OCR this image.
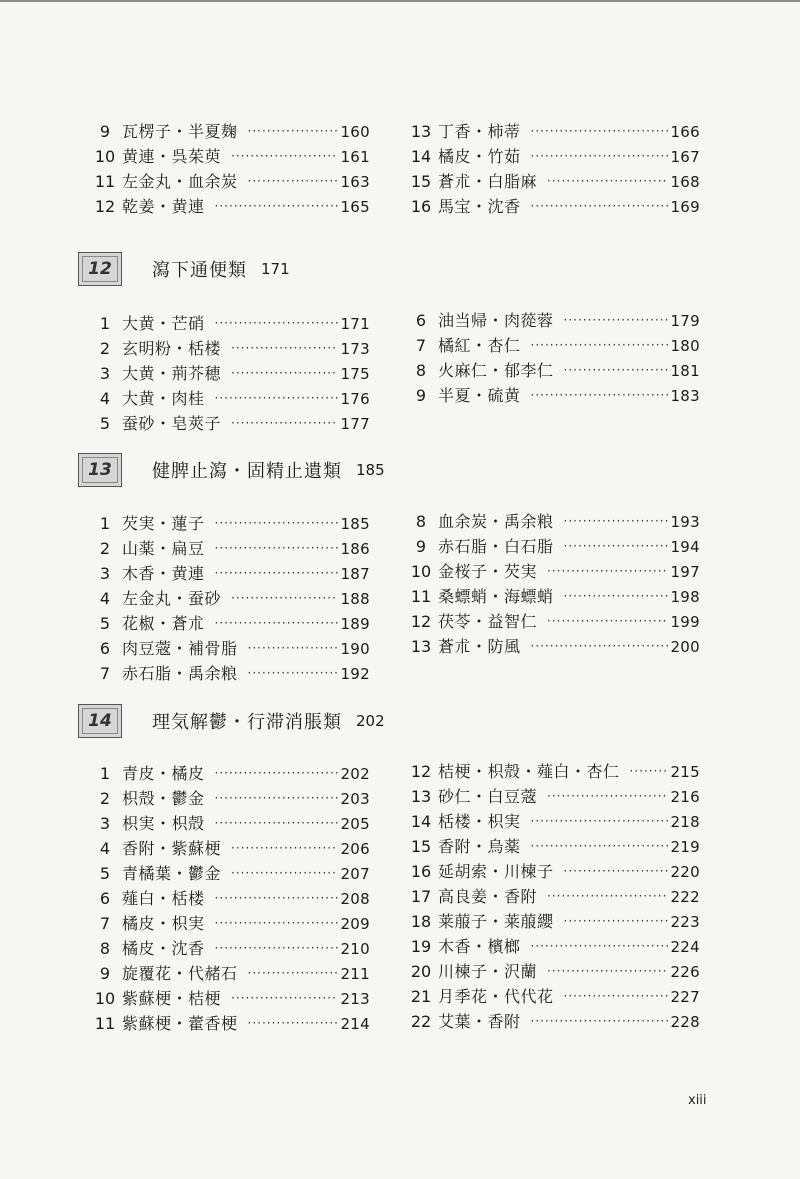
9 瓦楞子・半夏麹 ·····	160
10 黄連・呉茱萸 ·····	161
11 左金丸・血余炭 ·····	163
12 乾姜・黄連 ·····	165
13 丁香・柿蒂 ·····	166
14 橘皮・竹茹 ·····	167
15 蒼朮・白脂麻 ·····	168
16 馬宝・沈香 ·····	169
12 瀉下通便類 171
1 大黄・芒硝 ·····	171
2 玄明粉・栝楼 ·····	173
3 大黄・荊芥穂 ·····	175
4 大黄・肉桂 ·····	176
5 蚕砂・皂莢子 ·····	177
6 油当帰・肉蓯蓉 ·····	179
7 橘紅・杏仁 ·····	180
8 火麻仁・郁李仁 ·····	181
9 半夏・硫黄 ·····	183
13 健脾止瀉・固精止遺類 185
1 芡実・蓮子 ·····	185
2 山薬・扁豆 ·····	186
3 木香・黄連 ·····	187
4 左金丸・蚕砂 ·····	188
5 花椒・蒼朮 ·····	189
6 肉豆蔲・補骨脂 ·····	190
7 赤石脂・禹余粮 ·····	192
8 血余炭・禹余粮 ·····	193
9 赤石脂・白石脂 ·····	194
10 金桜子・芡実 ·····	197
11 桑螵蛸・海螵蛸 ·····	198
12 茯苓・益智仁 ·····	199
13 蒼朮・防風 ·····	200
14 理気解鬱・行滞消脹類 202
1 青皮・橘皮 ·····	202
2 枳殻・鬱金 ·····	203
3 枳実・枳殻 ·····	205
4 香附・紫蘇梗 ·····	206
5 青橘葉・鬱金 ·····	207
6 薤白・栝楼 ·····	208
7 橘皮・枳実 ·····	209
8 橘皮・沈香 ·····	210
9 旋覆花・代赭石 ·····	211
10 紫蘇梗・桔梗 ·····	213
11 紫蘇梗・藿香梗 ·····	214
12 桔梗・枳殻・薤白・杏仁 ·····	215
13 砂仁・白豆蔲 ·····	216
14 栝楼・枳実 ·····	218
15 香附・烏薬 ·····	219
16 延胡索・川楝子 ·····	220
17 高良姜・香附 ·····	222
18 莱菔子・莱菔纓 ·····	223
19 木香・檳榔 ·····	224
20 川楝子・沢蘭 ·····	226
21 月季花・代代花 ·····	227
22 艾葉・香附 ·····	228
xiii
